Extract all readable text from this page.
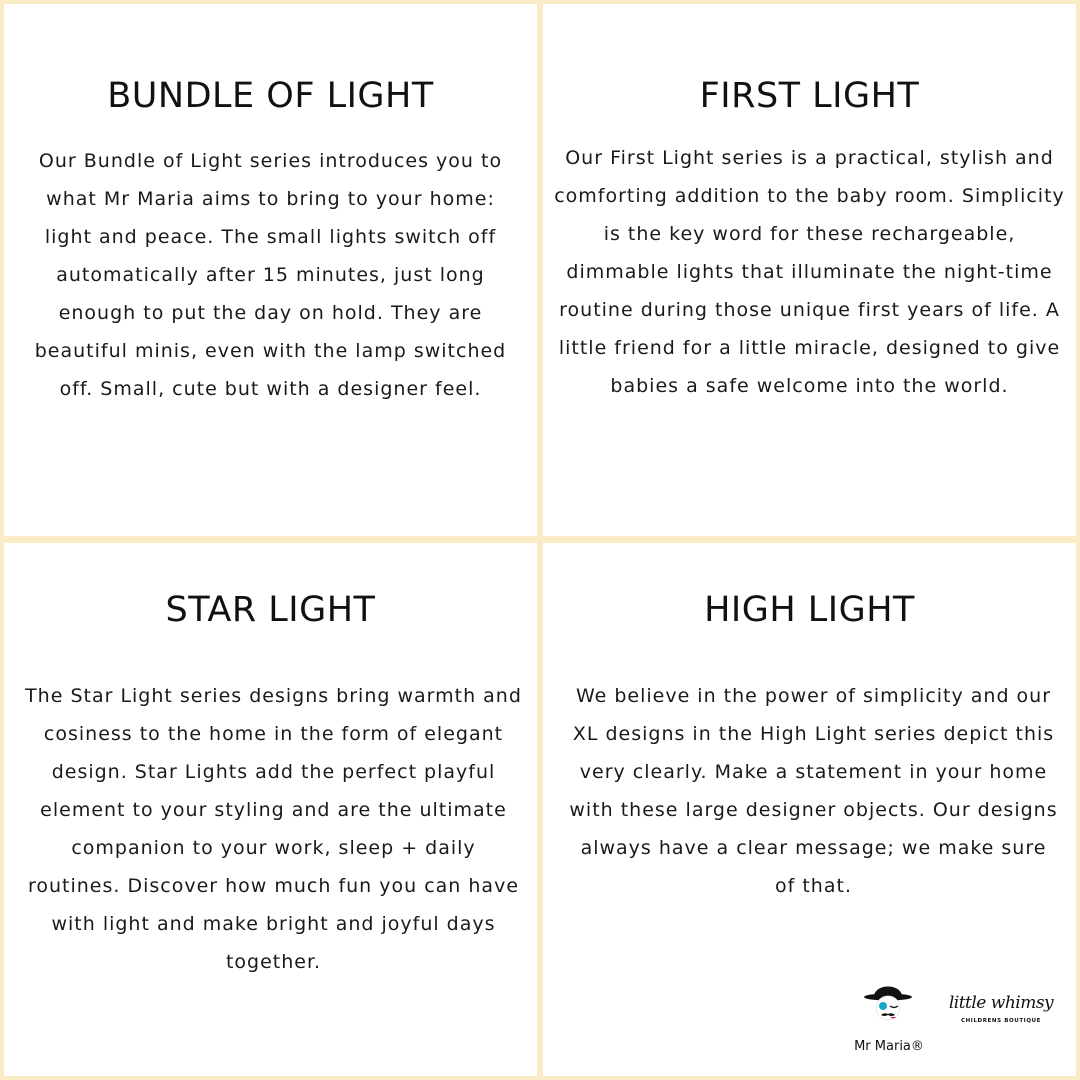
BUNDLE OF LIGHT

Our Bundle of Light series introduces you to what Mr Maria aims to bring to your home: light and peace. The small lights switch off automatically after 15 minutes, just long enough to put the day on hold. They are beautiful minis, even with the lamp switched off. Small, cute but with a designer feel.

FIRST LIGHT

Our First Light series is a practical, stylish and comforting addition to the baby room. Simplicity is the key word for these rechargeable, dimmable lights that illuminate the night-time routine during those unique first years of life. A little friend for a little miracle, designed to give babies a safe welcome into the world.

STAR LIGHT

The Star Light series designs bring warmth and cosiness to the home in the form of elegant design. Star Lights add the perfect playful element to your styling and are the ultimate companion to your work, sleep + daily routines. Discover how much fun you can have with light and make bright and joyful days together.

HIGH LIGHT

We believe in the power of simplicity and our XL designs in the High Light series depict this very clearly. Make a statement in your home with these large designer objects. Our designs always have a clear message; we make sure of that.

Mr Maria®
little whimsy
CHILDRENS BOUTIQUE
